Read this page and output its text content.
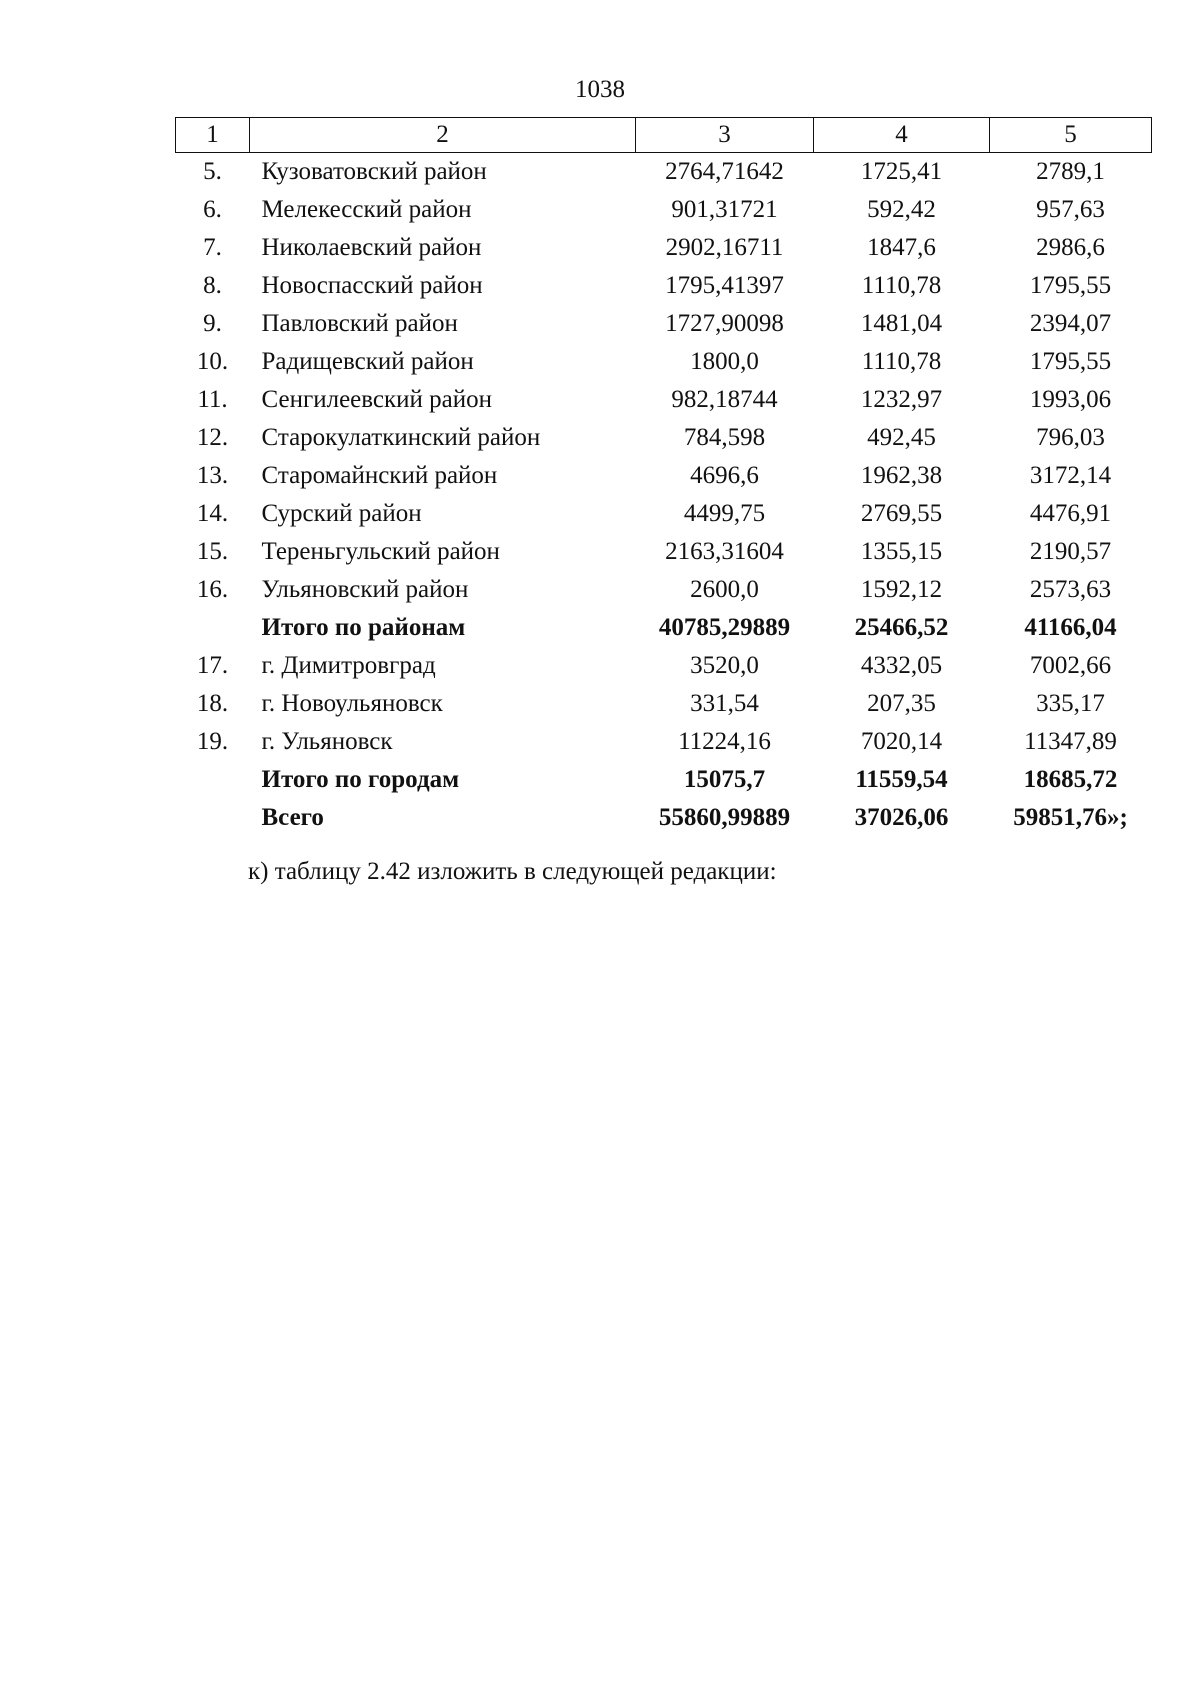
1038
1	2	3	4	5
5.	Кузоватовский район	2764,71642	1725,41	2789,1
6.	Мелекесский район	901,31721	592,42	957,63
7.	Николаевский район	2902,16711	1847,6	2986,6
8.	Новоспасский район	1795,41397	1110,78	1795,55
9.	Павловский район	1727,90098	1481,04	2394,07
10.	Радищевский район	1800,0	1110,78	1795,55
11.	Сенгилеевский район	982,18744	1232,97	1993,06
12.	Старокулаткинский район	784,598	492,45	796,03
13.	Старомайнский район	4696,6	1962,38	3172,14
14.	Сурский район	4499,75	2769,55	4476,91
15.	Тереньгульский район	2163,31604	1355,15	2190,57
16.	Ульяновский район	2600,0	1592,12	2573,63
	Итого по районам	40785,29889	25466,52	41166,04
17.	г. Димитровград	3520,0	4332,05	7002,66
18.	г. Новоульяновск	331,54	207,35	335,17
19.	г. Ульяновск	11224,16	7020,14	11347,89
	Итого по городам	15075,7	11559,54	18685,72
	Всего	55860,99889	37026,06	59851,76»;
к) таблицу 2.42 изложить в следующей редакции:
